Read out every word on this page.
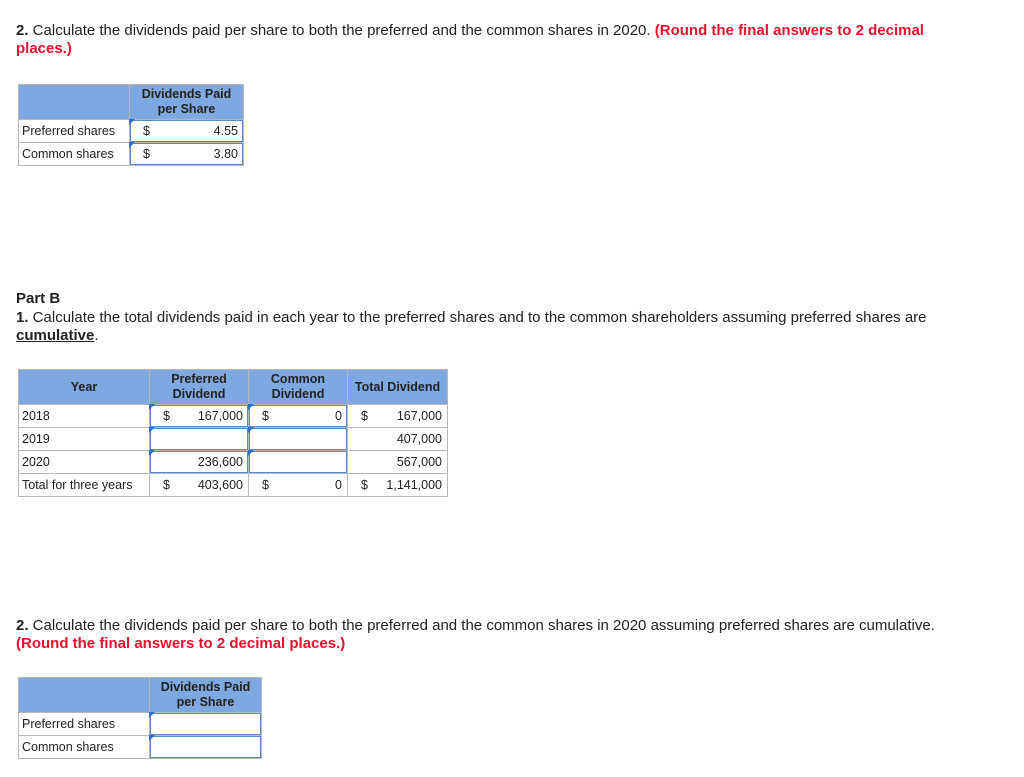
2. Calculate the dividends paid per share to both the preferred and the common shares in 2020. (Round the final answers to 2 decimal places.)
	Dividends Paid per Share
Preferred shares	$ 4.55

Common shares	$ 3.80
Part B
1. Calculate the total dividends paid in each year to the preferred shares and to the common shareholders assuming preferred shares are cumulative.
Year	Preferred Dividend	Common Dividend	Total Dividend
2018	$ 167,000	$ 0	$ 167,000

2019			407,000

2020	236,600		567,000

Total for three years	$ 403,600	$ 0	$ 1,141,000
2. Calculate the dividends paid per share to both the preferred and the common shares in 2020 assuming preferred shares are cumulative. (Round the final answers to 2 decimal places.)
	Dividends Paid per Share
Preferred shares	

Common shares	
